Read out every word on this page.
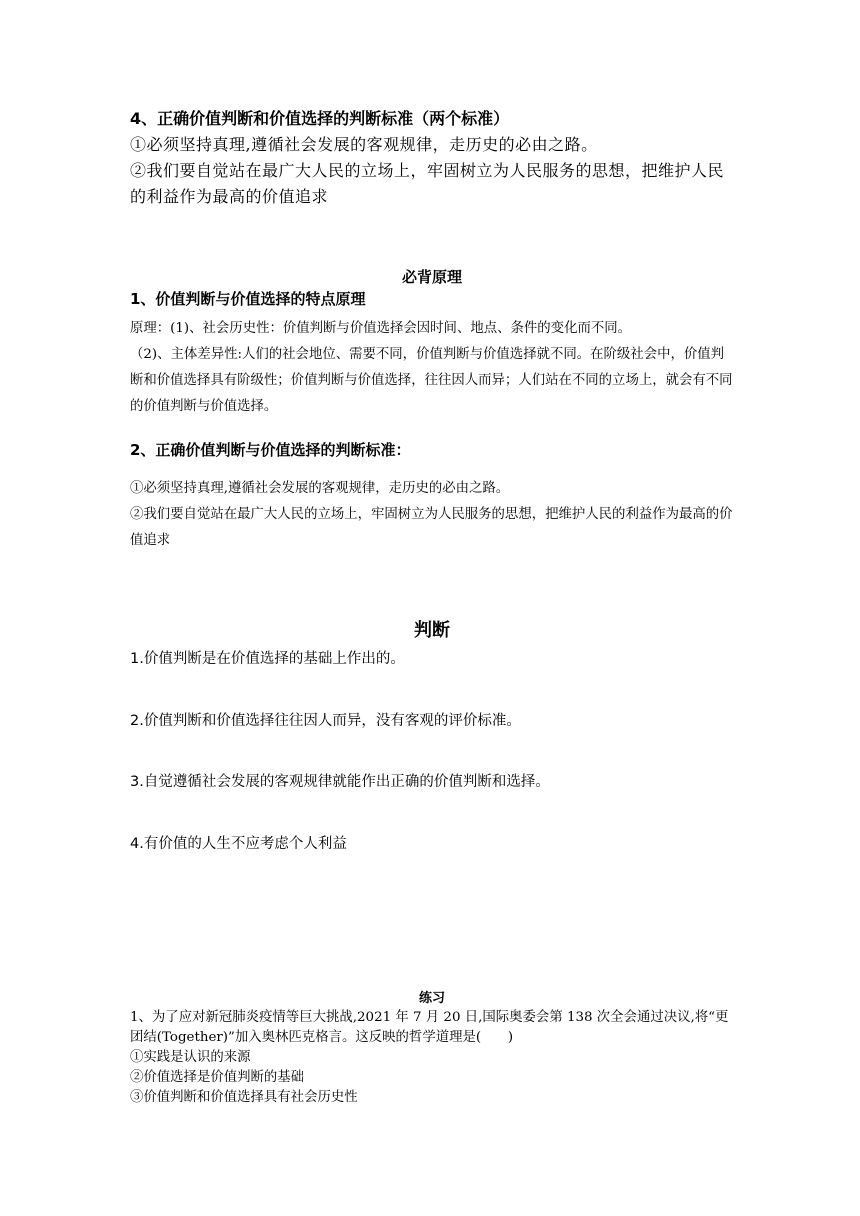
4、正确价值判断和价值选择的判断标准（两个标准）
①必须坚持真理,遵循社会发展的客观规律，走历史的必由之路。
②我们要自觉站在最广大人民的立场上，牢固树立为人民服务的思想，把维护人民的利益作为最高的价值追求
必背原理
1、价值判断与价值选择的特点原理
原理：(1)、社会历史性：价值判断与价值选择会因时间、地点、条件的变化而不同。
（2)、主体差异性:人们的社会地位、需要不同，价值判断与价值选择就不同。在阶级社会中，价值判断和价值选择具有阶级性；价值判断与价值选择，往往因人而异；人们站在不同的立场上，就会有不同的价值判断与价值选择。
2、正确价值判断与价值选择的判断标准：
①必须坚持真理,遵循社会发展的客观规律，走历史的必由之路。
②我们要自觉站在最广大人民的立场上，牢固树立为人民服务的思想，把维护人民的利益作为最高的价值追求
判断
1.价值判断是在价值选择的基础上作出的。
2.价值判断和价值选择往往因人而异，没有客观的评价标准。
3.自觉遵循社会发展的客观规律就能作出正确的价值判断和选择。
4.有价值的人生不应考虑个人利益
练习
1、为了应对新冠肺炎疫情等巨大挑战,2021 年 7 月 20 日,国际奥委会第 138 次全会通过决议,将“更团结(Together)”加入奥林匹克格言。这反映的哲学道理是(　　)
①实践是认识的来源
②价值选择是价值判断的基础
③价值判断和价值选择具有社会历史性
